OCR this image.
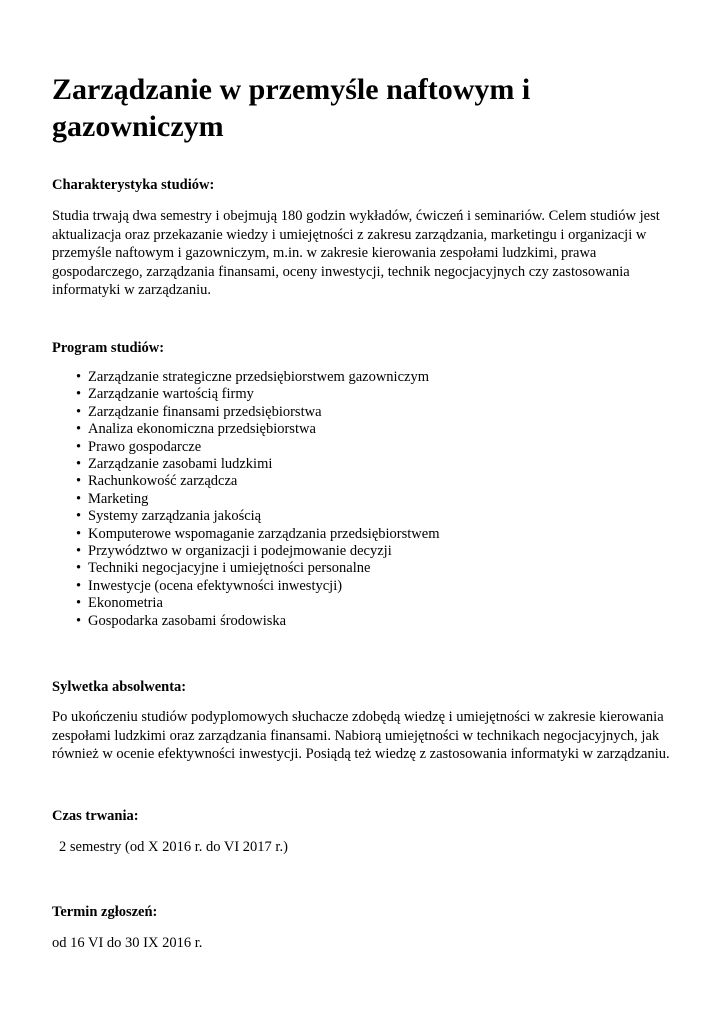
Zarządzanie w przemyśle naftowym i gazowniczym
Charakterystyka studiów:

Studia trwają dwa semestry i obejmują 180 godzin wykładów, ćwiczeń i seminariów. Celem studiów jest aktualizacja oraz przekazanie wiedzy i umiejętności z zakresu zarządzania, marketingu i organizacji w przemyśle naftowym i gazowniczym, m.in. w zakresie kierowania zespołami ludzkimi, prawa gospodarczego, zarządzania finansami, oceny inwestycji, technik negocjacyjnych czy zastosowania informatyki w zarządzaniu.

Program studiów:
• Zarządzanie strategiczne przedsiębiorstwem gazowniczym
• Zarządzanie wartością firmy
• Zarządzanie finansami przedsiębiorstwa
• Analiza ekonomiczna przedsiębiorstwa
• Prawo gospodarcze
• Zarządzanie zasobami ludzkimi
• Rachunkowość zarządcza
• Marketing
• Systemy zarządzania jakością
• Komputerowe wspomaganie zarządzania przedsiębiorstwem
• Przywództwo w organizacji i podejmowanie decyzji
• Techniki negocjacyjne i umiejętności personalne
• Inwestycje (ocena efektywności inwestycji)
• Ekonometria
• Gospodarka zasobami środowiska
Sylwetka absolwenta:

Po ukończeniu studiów podyplomowych słuchacze zdobędą wiedzę i umiejętności w zakresie kierowania zespołami ludzkimi oraz zarządzania finansami. Nabiorą umiejętności w technikach negocjacyjnych, jak również w ocenie efektywności inwestycji. Posiądą też wiedzę z zastosowania informatyki w zarządzaniu.

Czas trwania:

2 semestry (od X 2016 r. do VI 2017 r.)

Termin zgłoszeń:

od 16 VI do 30 IX 2016 r.
